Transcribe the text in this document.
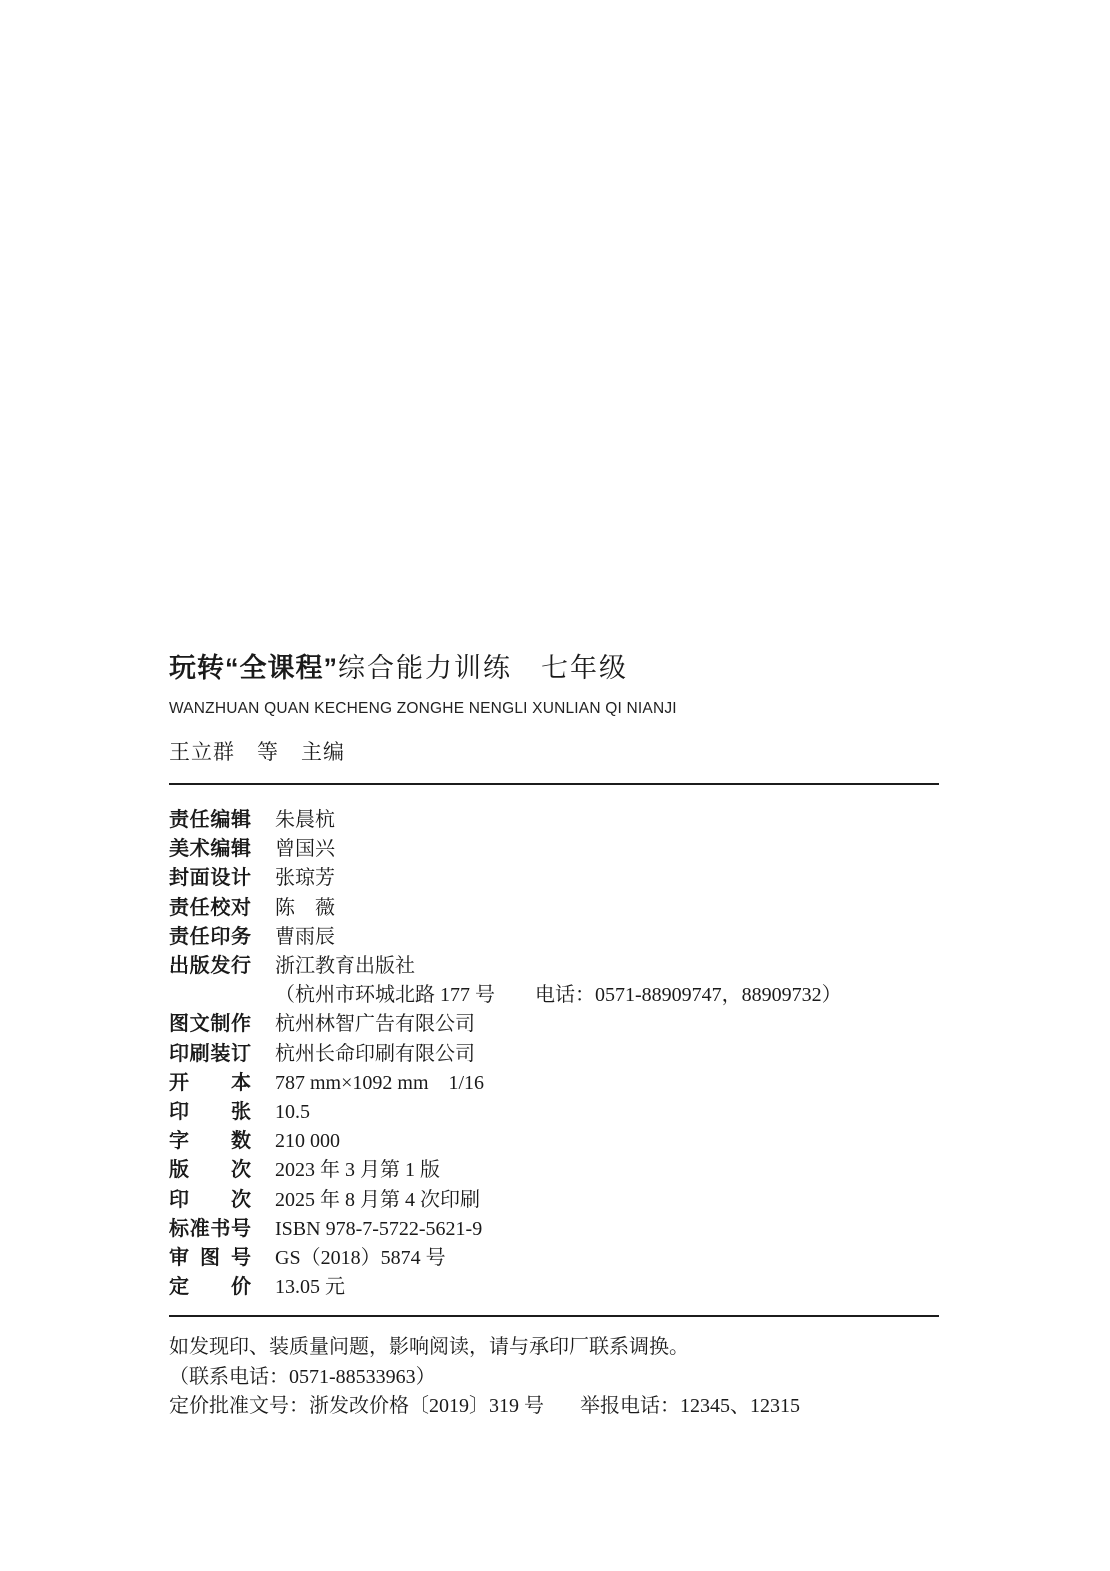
玩转“全课程”综合能力训练　七年级
WANZHUAN QUAN KECHENG ZONGHE NENGLI XUNLIAN QI NIANJI
王立群　等　主编
责任编辑 朱晨杭
美术编辑 曾国兴
封面设计 张琼芳
责任校对 陈　薇
责任印务 曹雨辰
出版发行 浙江教育出版社
（杭州市环城北路 177 号　　电话：0571-88909747，88909732）
图文制作 杭州林智广告有限公司
印刷装订 杭州长命印刷有限公司
开 本 787 mm×1092 mm　1/16
印 张 10.5
字 数 210 000
版 次 2023 年 3 月第 1 版
印 次 2025 年 8 月第 4 次印刷
标准书号 ISBN 978-7-5722-5621-9
审 图 号 GS（2018）5874 号
定 价 13.05 元

如发现印、装质量问题，影响阅读，请与承印厂联系调换。

（联系电话：0571-88533963）

定价批准文号：浙发改价格〔2019〕319 号 举报电话：12345、12315
